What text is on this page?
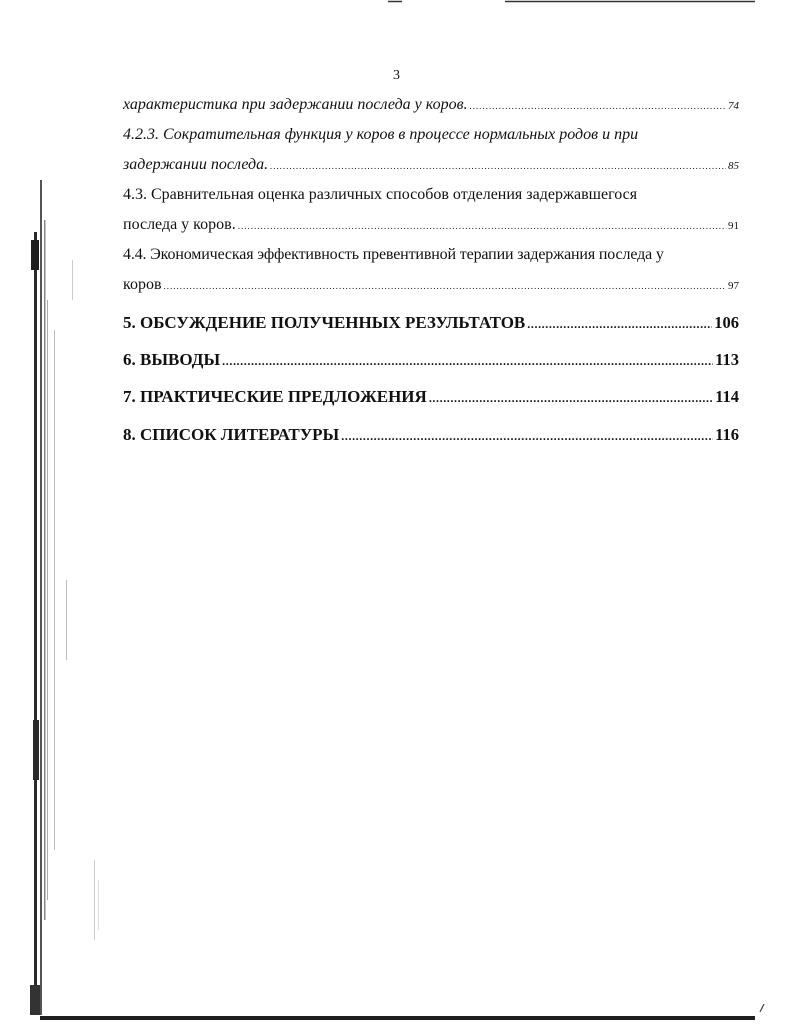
3
характеристика при задержании последа у коров. .....	74
4.2.3. Сократительная функция у коров в процессе нормальных родов и при
задержании последа. .....	85
4.3. Сравнительная оценка различных способов отделения задержавшегося
последа у коров. .....	91
4.4. Экономическая эффективность превентивной терапии задержания последа у
коров .....	97
5. ОБСУЖДЕНИЕ ПОЛУЧЕННЫХ РЕЗУЛЬТАТОВ .....	106
6. ВЫВОДЫ .....	113
7. ПРАКТИЧЕСКИЕ ПРЕДЛОЖЕНИЯ .....	114
8. СПИСОК ЛИТЕРАТУРЫ .....	116
